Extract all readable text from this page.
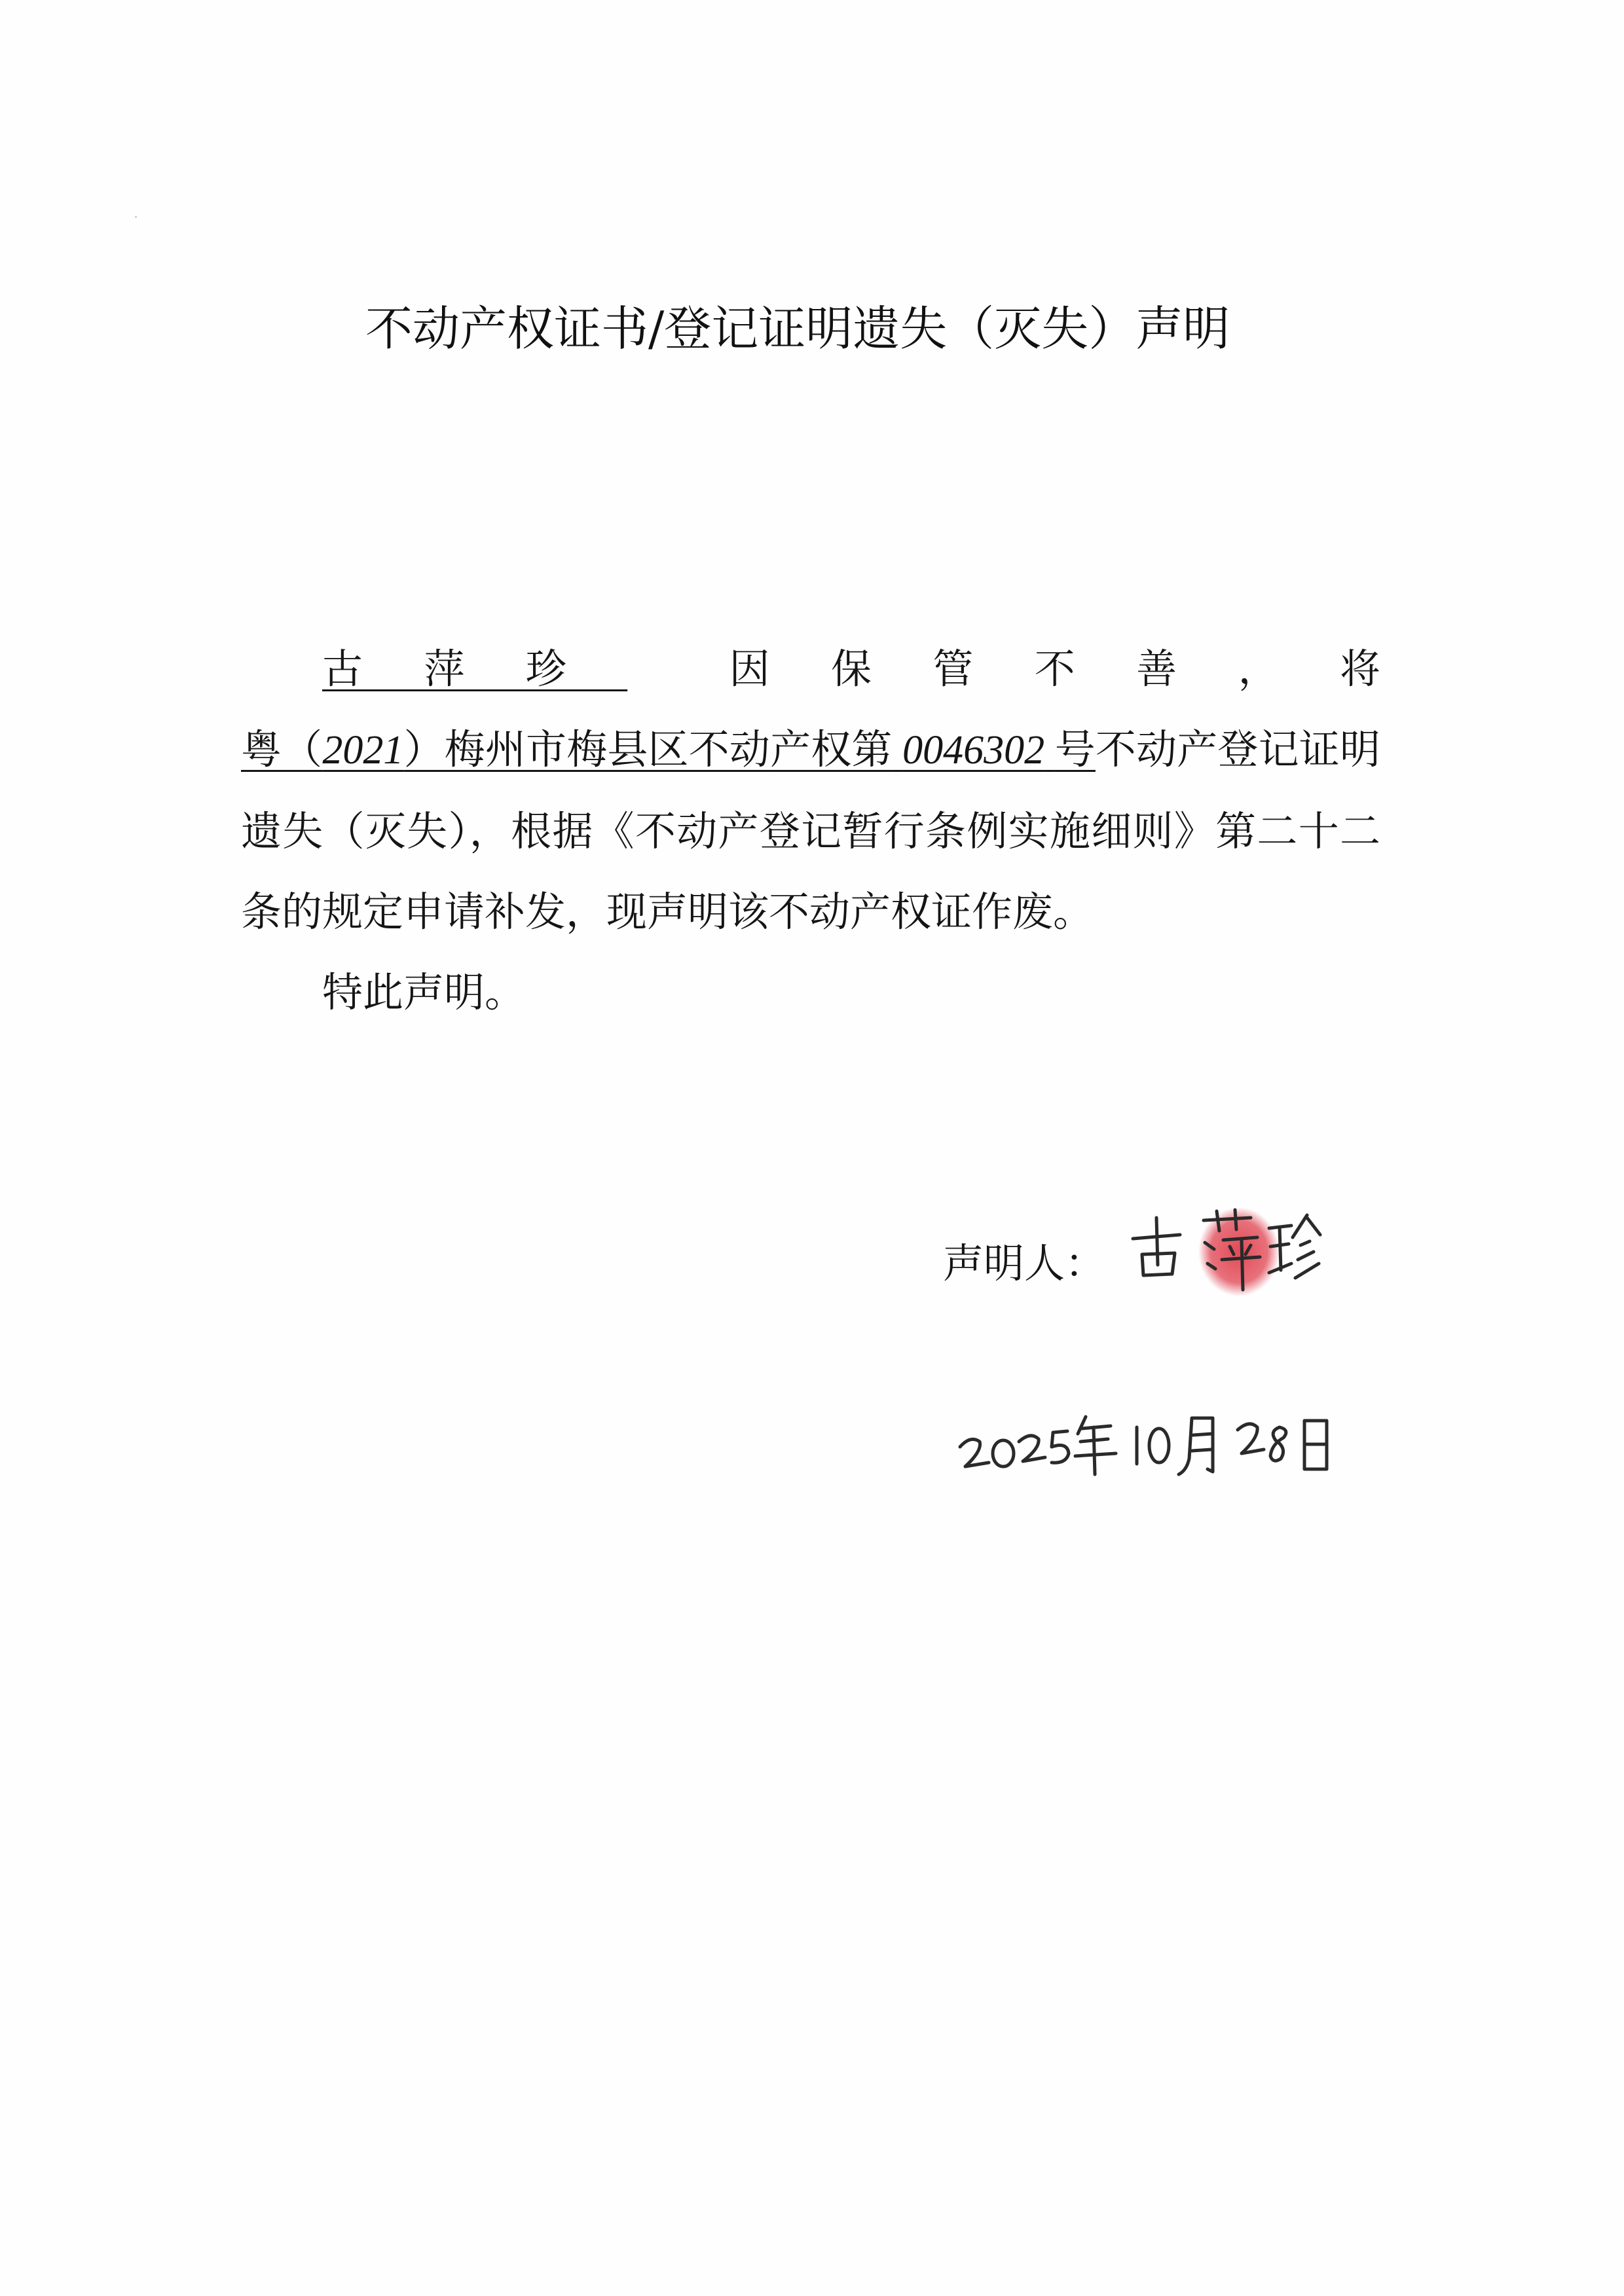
不动产权证书/登记证明遗失（灭失）声明

古萍珍　	因保管不善，将粤（2021）梅州市梅县区不动产权第  0046302  号不动产登记证明遗失（灭失），根据《不动产登记暂行条例实施细则》第二十二条的规定申请补发，现声明该不动产权证作废。

特此声明。

声明人：
